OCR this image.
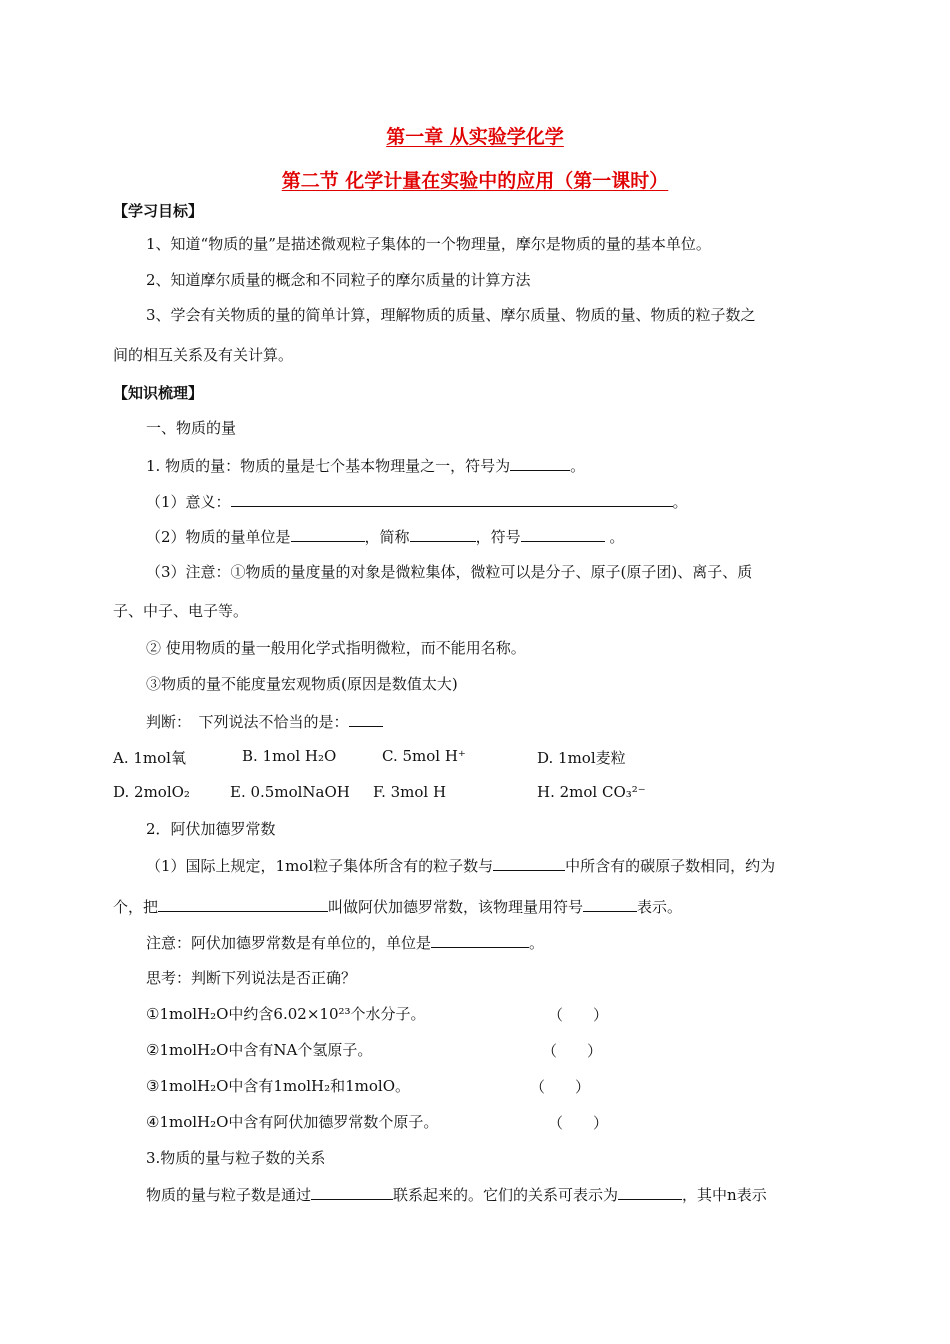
第一章 从实验学化学
第二节 化学计量在实验中的应用（第一课时）
【学习目标】
1、知道“物质的量”是描述微观粒子集体的一个物理量，摩尔是物质的量的基本单位。
2、知道摩尔质量的概念和不同粒子的摩尔质量的计算方法
3、学会有关物质的量的简单计算，理解物质的质量、摩尔质量、物质的量、物质的粒子数之
间的相互关系及有关计算。
【知识梳理】
一、物质的量
1. 物质的量：物质的量是七个基本物理量之一，符号为	。
（1）意义：	。
（2）物质的量单位是	，简称	，符号	。
（3）注意：①物质的量度量的对象是微粒集体，微粒可以是分子、原子(原子团)、离子、质
子、中子、电子等。
② 使用物质的量一般用化学式指明微粒，而不能用名称。
③物质的量不能度量宏观物质(原因是数值太大)
判断：　下列说法不恰当的是：
A. 1mol氧	B. 1mol H₂O	C. 5mol H⁺	D. 1mol麦粒
D. 2molO₂	E. 0.5molNaOH F. 3mol H	H. 2mol CO₃²⁻
2．阿伏加德罗常数
（1）国际上规定，1mol粒子集体所含有的粒子数与	中所含有的碳原子数相同，约为
个，把	叫做阿伏加德罗常数，该物理量用符号	表示。
注意：阿伏加德罗常数是有单位的，单位是	。
思考：判断下列说法是否正确？
①1molH₂O中约含6.02×10²³个水分子。	（　　）
②1molH₂O中含有NA个氢原子。	（　　）
③1molH₂O中含有1molH₂和1molO。	（　　）
④1molH₂O中含有阿伏加德罗常数个原子。	（　　）
3.物质的量与粒子数的关系
物质的量与粒子数是通过	联系起来的。它们的关系可表示为	，其中n表示
